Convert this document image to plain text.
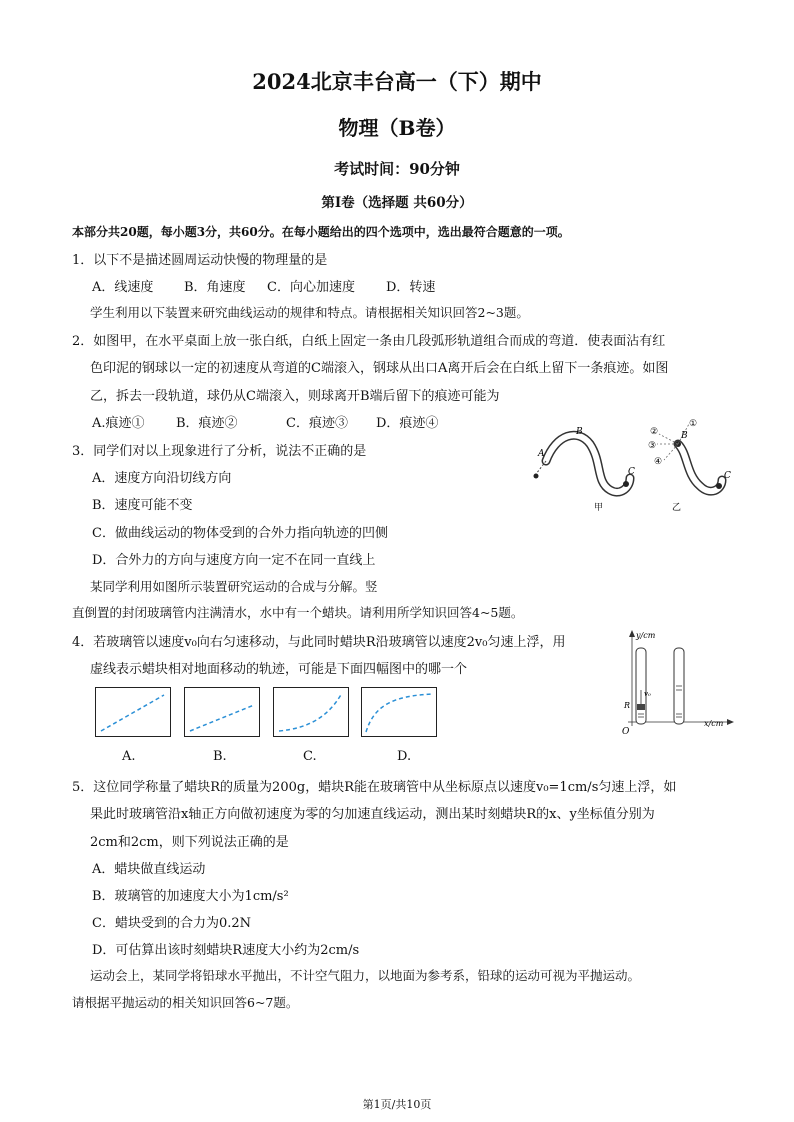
2024北京丰台高一（下）期中
物理（B卷）
考试时间：90分钟
第I卷（选择题 共60分）
本部分共20题，每小题3分，共60分。在每小题给出的四个选项中，选出最符合题意的一项。
1．以下不是描述圆周运动快慢的物理量的是
A．线速度 B．角速度 C．向心加速度 D．转速
学生利用以下装置来研究曲线运动的规律和特点。请根据相关知识回答2~3题。
2．如图甲，在水平桌面上放一张白纸，白纸上固定一条由几段弧形轨道组合而成的弯道．使表面沾有红
色印泥的钢球以一定的初速度从弯道的C端滚入，钢球从出口A离开后会在白纸上留下一条痕迹。如图
乙，拆去一段轨道，球仍从C端滚入，则球离开B端后留下的痕迹可能为
A.痕迹① B．痕迹②	C．痕迹③ D．痕迹④
A
B
C
甲
B
C
①
②
③
④
乙
3．同学们对以上现象进行了分析，说法不正确的是
A．速度方向沿切线方向
B．速度可能不变
C．做曲线运动的物体受到的合外力指向轨迹的凹侧
D．合外力的方向与速度方向一定不在同一直线上
某同学利用如图所示装置研究运动的合成与分解。竖
直倒置的封闭玻璃管内注满清水，水中有一个蜡块。请利用所学知识回答4~5题。
4．若玻璃管以速度v₀向右匀速移动，与此同时蜡块R沿玻璃管以速度2v₀匀速上浮，用
虚线表示蜡块相对地面移动的轨迹，可能是下面四幅图中的哪一个
y/cm
x/cm
O
R
v₀
A.	B.	C.	D.
5．这位同学称量了蜡块R的质量为200g，蜡块R能在玻璃管中从坐标原点以速度v₀=1cm/s匀速上浮，如
果此时玻璃管沿x轴正方向做初速度为零的匀加速直线运动，测出某时刻蜡块R的x、y坐标值分别为
2cm和2cm，则下列说法正确的是
A．蜡块做直线运动
B．玻璃管的加速度大小为1cm/s²
C．蜡块受到的合力为0.2N
D．可估算出该时刻蜡块R速度大小约为2cm/s
运动会上，某同学将铅球水平抛出，不计空气阻力，以地面为参考系，铅球的运动可视为平抛运动。
请根据平抛运动的相关知识回答6~7题。
第1页/共10页
